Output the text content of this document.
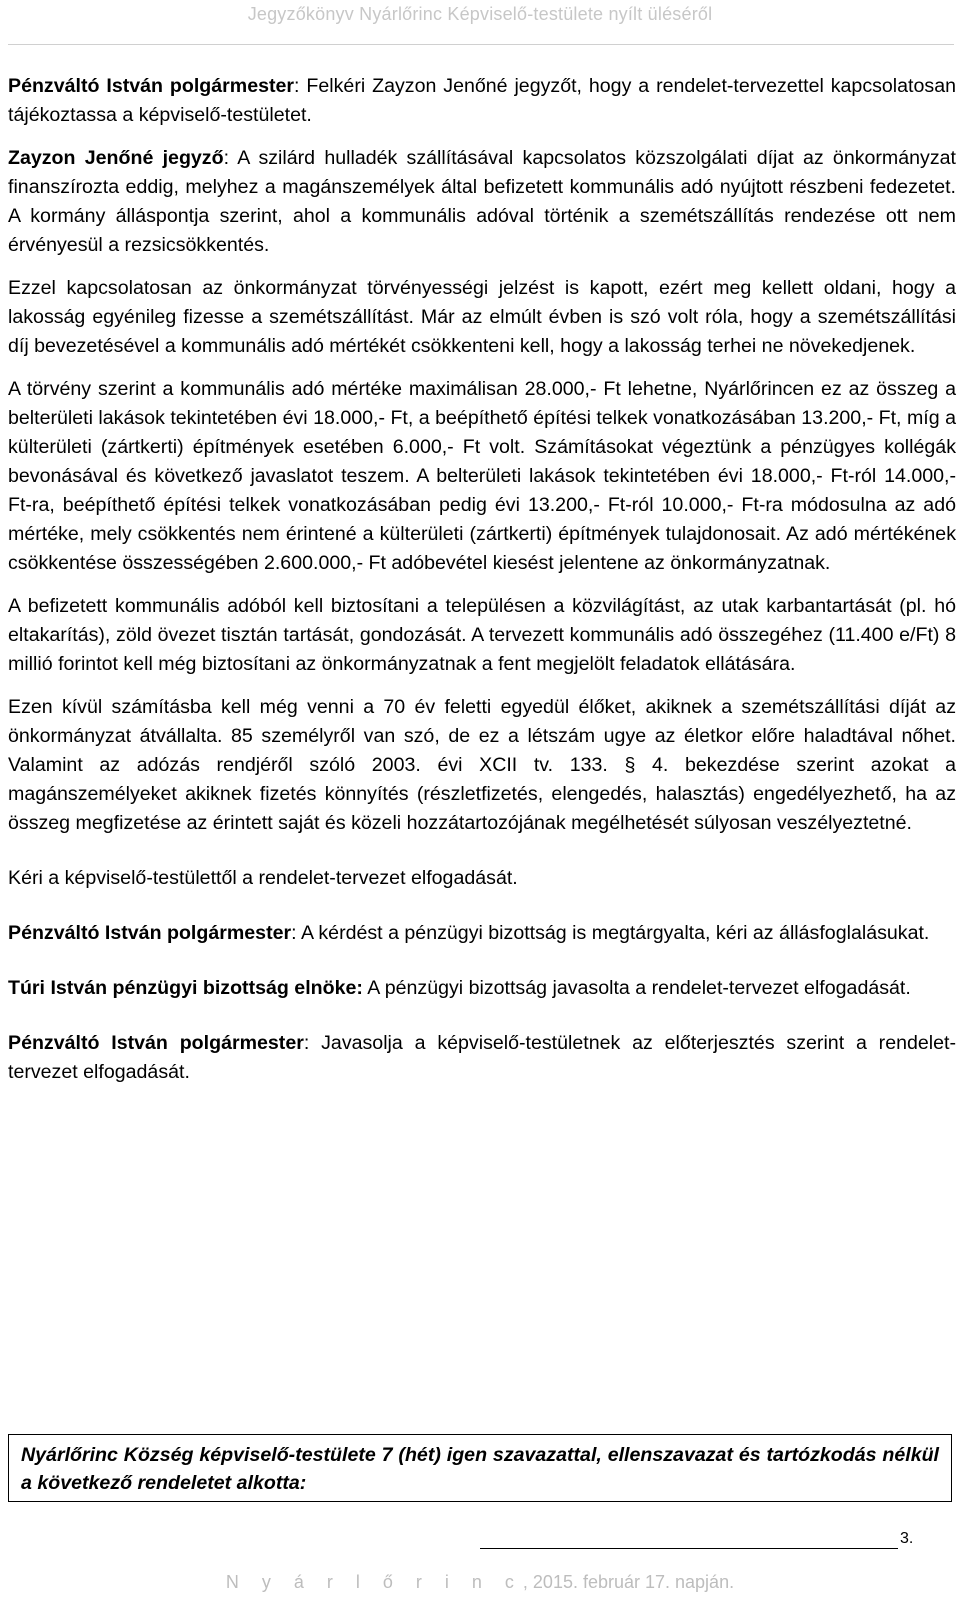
Jegyzőkönyv Nyárlőrinc Képviselő-testülete nyílt üléséről

Pénzváltó István polgármester: Felkéri Zayzon Jenőné jegyzőt, hogy a rendelet-tervezettel kapcsolatosan tájékoztassa a képviselő-testületet.

Zayzon Jenőné jegyző: A szilárd hulladék szállításával kapcsolatos közszolgálati díjat az önkormányzat finanszírozta eddig, melyhez a magánszemélyek által befizetett kommunális adó nyújtott részbeni fedezetet. A kormány álláspontja szerint, ahol a kommunális adóval történik a szemétszállítás rendezése ott nem érvényesül a rezsicsökkentés.

Ezzel kapcsolatosan az önkormányzat törvényességi jelzést is kapott, ezért meg kellett oldani, hogy a lakosság egyénileg fizesse a szemétszállítást. Már az elmúlt évben is szó volt róla, hogy a szemétszállítási díj bevezetésével a kommunális adó mértékét csökkenteni kell, hogy a lakosság terhei ne növekedjenek.

A törvény szerint a kommunális adó mértéke maximálisan 28.000,- Ft lehetne, Nyárlőrincen ez az összeg a belterületi lakások tekintetében évi 18.000,- Ft, a beépíthető építési telkek vonatkozásában 13.200,- Ft, míg a külterületi (zártkerti) építmények esetében 6.000,- Ft volt. Számításokat végeztünk a pénzügyes kollégák bevonásával és következő javaslatot teszem. A belterületi lakások tekintetében évi 18.000,- Ft-ról 14.000,- Ft-ra, beépíthető építési telkek vonatkozásában pedig évi 13.200,- Ft-ról 10.000,- Ft-ra módosulna az adó mértéke, mely csökkentés nem érintené a külterületi (zártkerti) építmények tulajdonosait. Az adó mértékének csökkentése összességében 2.600.000,- Ft adóbevétel kiesést jelentene az önkormányzatnak.

A befizetett kommunális adóból kell biztosítani a településen a közvilágítást, az utak karbantartását (pl. hó eltakarítás), zöld övezet tisztán tartását, gondozását. A tervezett kommunális adó összegéhez (11.400 e/Ft) 8 millió forintot kell még biztosítani az önkormányzatnak a fent megjelölt feladatok ellátására.

Ezen kívül számításba kell még venni a 70 év feletti egyedül élőket, akiknek a szemétszállítási díját az önkormányzat átvállalta. 85 személyről van szó, de ez a létszám ugye az életkor előre haladtával nőhet. Valamint az adózás rendjéről szóló 2003. évi XCII tv. 133. § 4. bekezdése szerint azokat a magánszemélyeket akiknek fizetés könnyítés (részletfizetés, elengedés, halasztás) engedélyezhető, ha az összeg megfizetése az érintett saját és közeli hozzátartozójának megélhetését súlyosan veszélyeztetné.

Kéri a képviselő-testülettől a rendelet-tervezet elfogadását.

Pénzváltó István polgármester: A kérdést a pénzügyi bizottság is megtárgyalta, kéri az állásfoglalásukat.

Túri István pénzügyi bizottság elnöke: A pénzügyi bizottság javasolta a rendelet-tervezet elfogadását.

Pénzváltó István polgármester: Javasolja a képviselő-testületnek az előterjesztés szerint a rendelet-tervezet elfogadását.

Nyárlőrinc Község képviselő-testülete 7 (hét) igen szavazattal, ellenszavazat és tartózkodás nélkül a következő rendeletet alkotta:

3.
N y á r l ő r i n c, 2015. február 17. napján.
